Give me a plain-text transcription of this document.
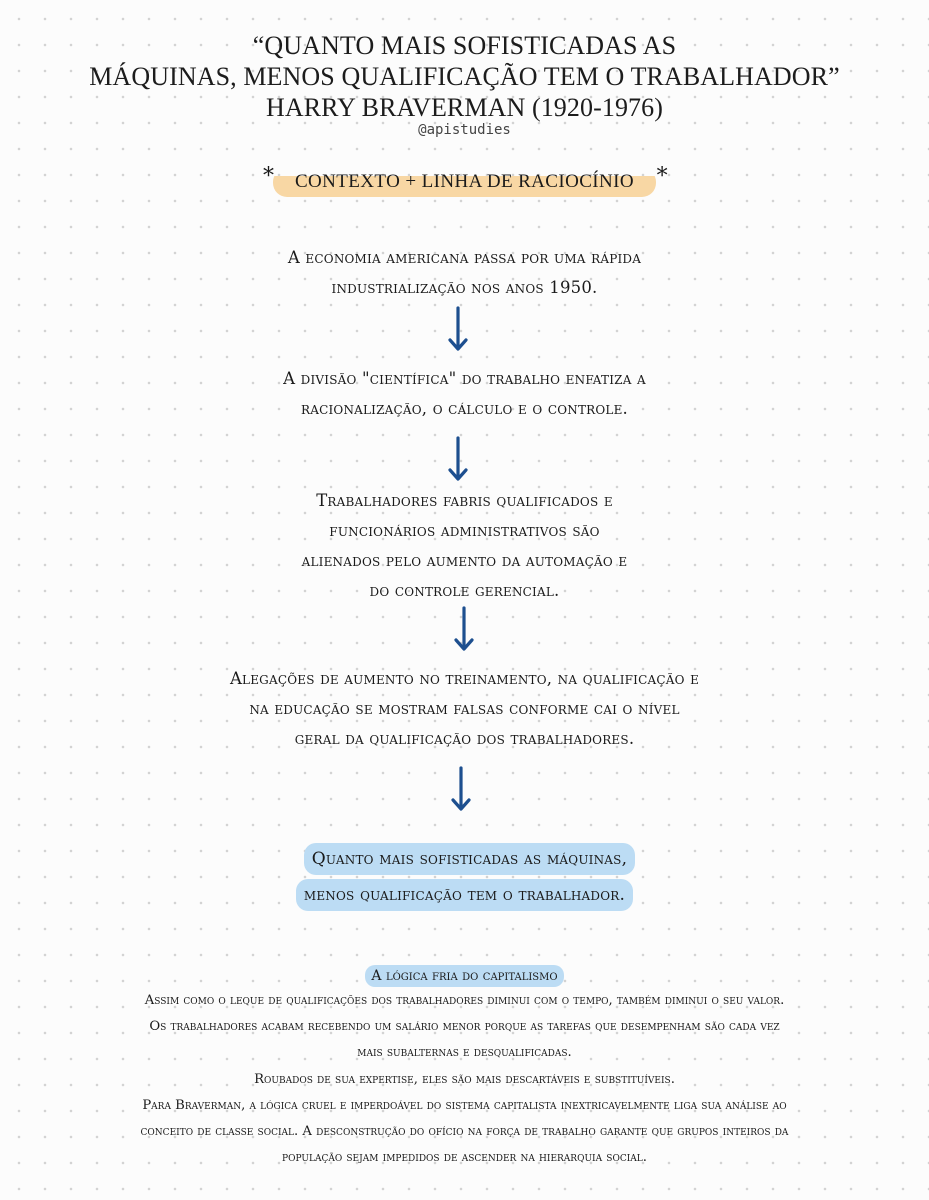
“QUANTO MAIS SOFISTICADAS AS
MÁQUINAS, MENOS QUALIFICAÇÃO TEM O TRABALHADOR”
HARRY BRAVERMAN (1920-1976)
@apistudies
* CONTEXTO + LINHA DE RACIOCÍNIO *
A economia americana passa por uma rápida
industrialização nos anos 1950.
A divisão "científica" do trabalho enfatiza a
racionalização, o cálculo e o controle.
Trabalhadores fabris qualificados e
funcionários administrativos são
alienados pelo aumento da automação e
do controle gerencial.
Alegações de aumento no treinamento, na qualificação e
na educação se mostram falsas conforme cai o nível
geral da qualificação dos trabalhadores.
Quanto mais sofisticadas as máquinas,
menos qualificação tem o trabalhador.
A lógica fria do capitalismo
Assim como o leque de qualificações dos trabalhadores diminui com o tempo, também diminui o seu valor.
Os trabalhadores acabam recebendo um salário menor porque as tarefas que desempenham são cada vez
mais subalternas e desqualificadas.
Roubados de sua expertise, eles são mais descartáveis e substituíveis.
Para Braverman, a lógica cruel e imperdoável do sistema capitalista inextricavelmente liga sua análise ao
conceito de classe social. A desconstrução do ofício na força de trabalho garante que grupos inteiros da
população sejam impedidos de ascender na hierarquia social.
